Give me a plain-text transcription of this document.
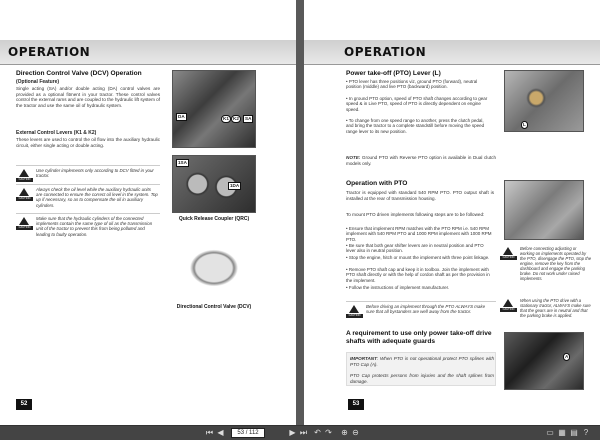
OPERATION
Direction Control Valve (DCV) Operation
(Optional Feature)
Single acting (SA) and/or double acting (DA) control valves are provided as a optional fitment in your tractor. These control valves control the external rams and are coupled to the hydraulic lift system of the tractor and use the same oil of hydraulic system.
External Control Levers (K1 & K2)
These levers are used to control the oil flow into the auxiliary hydraulic circuit, either single acting or double acting.
CAUTION
Use cylinder implements only according to DCV fitted in your tractor.
CAUTION
Always check the oil level while the auxiliary hydraulic units are connected to ensure the correct oil level in the system. Top up if necessary, so as to compensate the oil in auxiliary cylinders.
CAUTION
Make sure that the hydraulic cylinders of the connected implements contain the same type of oil as the transmission unit of the tractor to prevent this from being polluted and leading to faulty operation.
DA	K1 K2	SA
1SA
1DA
Quick Release Coupler (QRC)
Directional Control Valve (DCV)
52
OPERATION
Power take-off (PTO) Lever (L)
• PTO lever has three positions viz, ground PTO (forward), neutral position (middle) and live PTO (backward) position.
• In ground PTO option, speed of PTO shaft changes according to gear speed & in Live PTO, speed of PTO is directly dependent on engine speed.
• To change from one speed range to another, press the clutch pedal, and bring the tractor to a complete standstill before moving the speed range lever to its new position.
L
NOTE: Ground PTO with Reverse PTO option is available in Dual clutch models only.
Operation with PTO
Tractor is equipped with standard 540 RPM PTO. PTO output shaft is installed at the rear of transmission housing.
To mount PTO driven implements following steps are to be followed:
• Ensure that implement RPM matches with the PTO RPM i.e. 540 RPM implement with 540 RPM PTO and 1000 RPM implement with 1000 RPM PTO.
• Be sure that both gear shifter levers are in neutral position and PTO lever also in neutral position.
• Stop the engine, hitch or mount the implement with three point linkage.
• Remove PTO shaft cap and keep it in toolbox. Join the implement with PTO shaft directly or with the help of cordon shaft as per the provision in the implement.
• Follow the instructions of implement manufacturer.
CAUTION
Before connecting adjusting or working on implements operated by the PTO, disengage the PTO, stop the engine, remove the key from the dashboard and engage the parking brake. Do not work under raised implements.
CAUTION
When using the PTO drive with a stationary tractor, ALWAYS make sure that the gears are in neutral and that the parking brake is applied.
CAUTION
Before driving an implement through the PTO ALWAYS make sure that all bystanders are well away from the tractor.
A requirement to use only power take-off drive shafts with adequate guards
A
53
IMPORTANT: When PTO is not operational protect PTO splines with PTO Cap (A).
PTO Cap protects persons from injuries and the shaft splines from damage.
⏮ ◀	53 / 112	▶ ⏭ ↶ ↷ ⊕ ⊖	▭ ▦ ▤ ?
